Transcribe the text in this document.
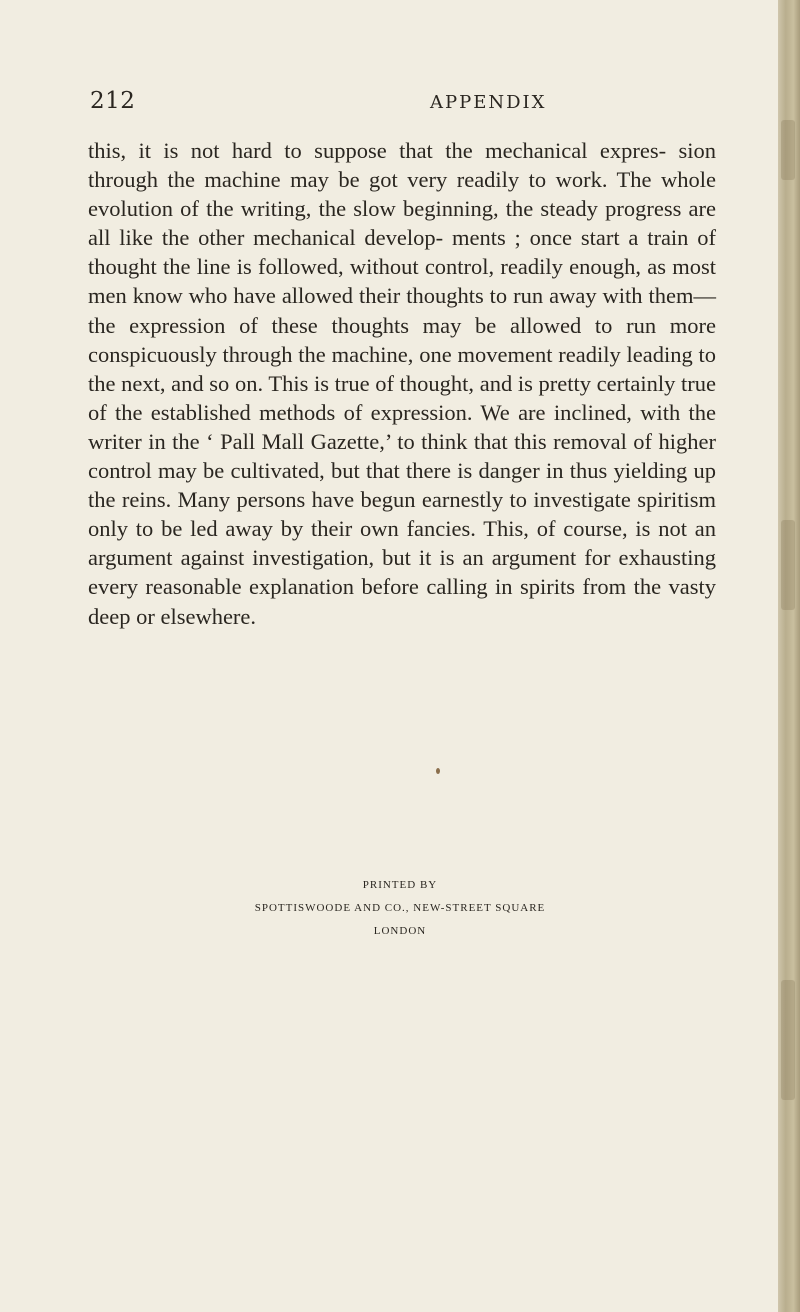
212	APPENDIX

this, it is not hard to suppose that the mechanical expres- sion through the machine may be got very readily to work. The whole evolution of the writing, the slow beginning, the steady progress are all like the other mechanical develop- ments ; once start a train of thought the line is followed, without control, readily enough, as most men know who have allowed their thoughts to run away with them—the expression of these thoughts may be allowed to run more conspicuously through the machine, one movement readily leading to the next, and so on. This is true of thought, and is pretty certainly true of the established methods of expression. We are inclined, with the writer in the ‘ Pall Mall Gazette,’ to think that this removal of higher control may be cultivated, but that there is danger in thus yielding up the reins. Many persons have begun earnestly to investigate spiritism only to be led away by their own fancies. This, of course, is not an argument against investigation, but it is an argument for exhausting every reasonable explanation before calling in spirits from the vasty deep or elsewhere.

PRINTED BY
SPOTTISWOODE AND CO., NEW-STREET SQUARE
LONDON
